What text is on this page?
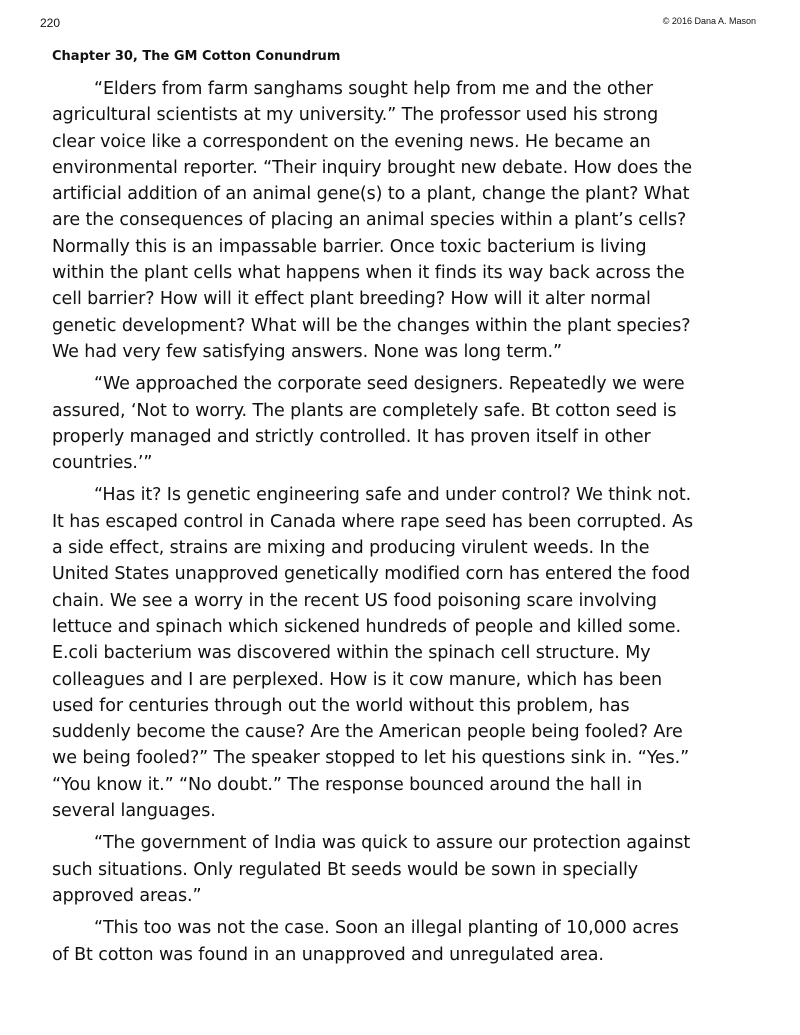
220	© 2016 Dana A. Mason
Chapter 30, The GM Cotton Conundrum

“Elders from farm sanghams sought help from me and the other
agricultural scientists at my university.” The professor used his strong
clear voice like a correspondent on the evening news. He became an
environmental reporter. “Their inquiry brought new debate. How does the
artificial addition of an animal gene(s) to a plant, change the plant? What
are the consequences of placing an animal species within a plant’s cells?
Normally this is an impassable barrier. Once toxic bacterium is living
within the plant cells what happens when it finds its way back across the
cell barrier? How will it effect plant breeding? How will it alter normal
genetic development? What will be the changes within the plant species?
We had very few satisfying answers. None was long term.”

“We approached the corporate seed designers. Repeatedly we were
assured, ‘Not to worry. The plants are completely safe. Bt cotton seed is
properly managed and strictly controlled. It has proven itself in other
countries.’”

“Has it? Is genetic engineering safe and under control? We think not.
It has escaped control in Canada where rape seed has been corrupted. As
a side effect, strains are mixing and producing virulent weeds. In the
United States unapproved genetically modified corn has entered the food
chain. We see a worry in the recent US food poisoning scare involving
lettuce and spinach which sickened hundreds of people and killed some.
E.coli bacterium was discovered within the spinach cell structure. My
colleagues and I are perplexed. How is it cow manure, which has been
used for centuries through out the world without this problem, has
suddenly become the cause? Are the American people being fooled? Are
we being fooled?” The speaker stopped to let his questions sink in. “Yes.”
“You know it.” “No doubt.” The response bounced around the hall in
several languages.

“The government of India was quick to assure our protection against
such situations. Only regulated Bt seeds would be sown in specially
approved areas.”

“This too was not the case. Soon an illegal planting of 10,000 acres
of Bt cotton was found in an unapproved and unregulated area.
